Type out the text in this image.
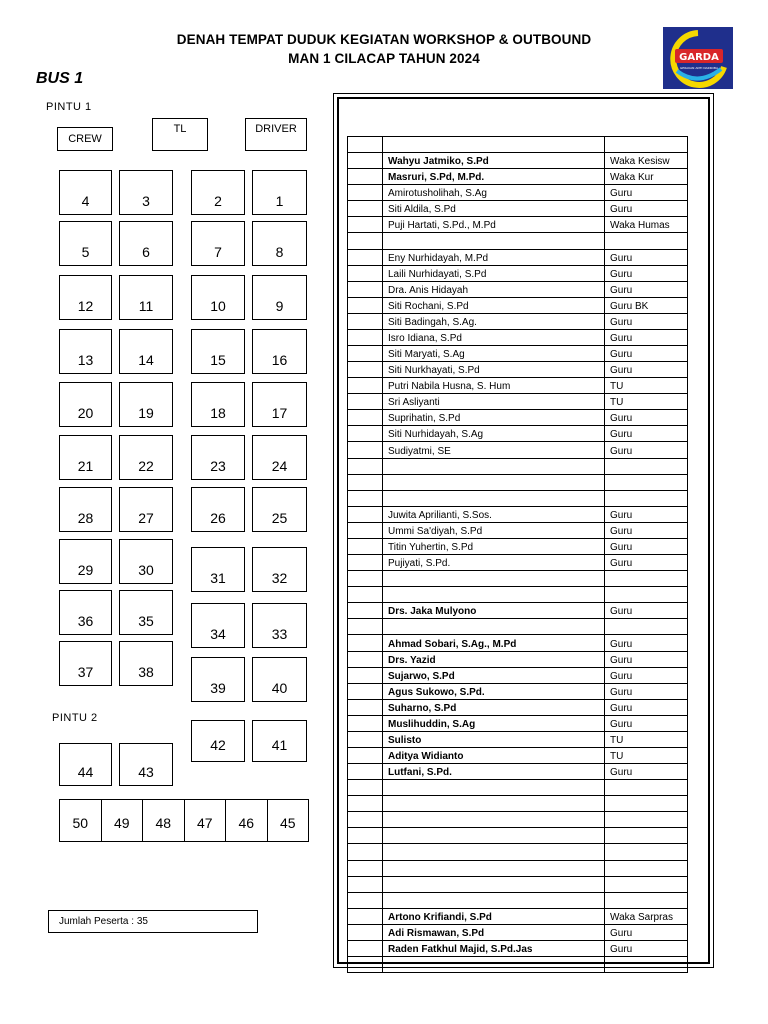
DENAH TEMPAT DUDUK KEGIATAN WORKSHOP & OUTBOUND
MAN 1 CILACAP TAHUN 2024
BUS 1
GARDA
GERAKAN ANTI NARKOBA
PINTU 1
CREW
TL	DRIVER
4	3	2	1
5	6	7	8
12	11	10	9
13	14	15	16
20	19	18	17
21	22	23	24
28	27	26	25
29	30	31	32
36	35
34	33
37	38
39	40
PINTU 2
42	41
44	43
50	49	48	47	46	45
Jumlah Peserta : 35

	Wahyu Jatmiko, S.Pd	Waka Kesisw
	Masruri, S.Pd, M.Pd.	Waka Kur
	Amirotusholihah, S.Ag	Guru
	Siti Aldila, S.Pd	Guru
	Puji Hartati, S.Pd., M.Pd	Waka Humas

	Eny Nurhidayah, M.Pd	Guru
	Laili Nurhidayati, S.Pd	Guru
	Dra. Anis Hidayah	Guru
	Siti Rochani, S.Pd	Guru BK
	Siti Badingah, S.Ag.	Guru
	Isro Idiana, S.Pd	Guru
	Siti Maryati, S.Ag	Guru
	Siti Nurkhayati, S.Pd	Guru
	Putri Nabila Husna, S. Hum	TU
	Sri Asliyanti	TU
	Suprihatin, S.Pd	Guru
	Siti Nurhidayah, S.Ag	Guru
	Sudiyatmi, SE	Guru

	Juwita Aprilianti, S.Sos.	Guru
	Ummi Sa'diyah, S.Pd	Guru
	Titin Yuhertin, S.Pd	Guru
	Pujiyati, S.Pd.	Guru

	Drs. Jaka Mulyono	Guru

	Ahmad Sobari, S.Ag., M.Pd	Guru
	Drs. Yazid	Guru
	Sujarwo, S.Pd	Guru
	Agus Sukowo, S.Pd.	Guru
	Suharno, S.Pd	Guru
	Muslihuddin, S.Ag	Guru
	Sulisto	TU
	Aditya Widianto	TU
	Lutfani, S.Pd.	Guru

	Artono Krifiandi, S.Pd	Waka Sarpras
	Adi Rismawan, S.Pd	Guru
	Raden Fatkhul Majid, S.Pd.Jas	Guru
